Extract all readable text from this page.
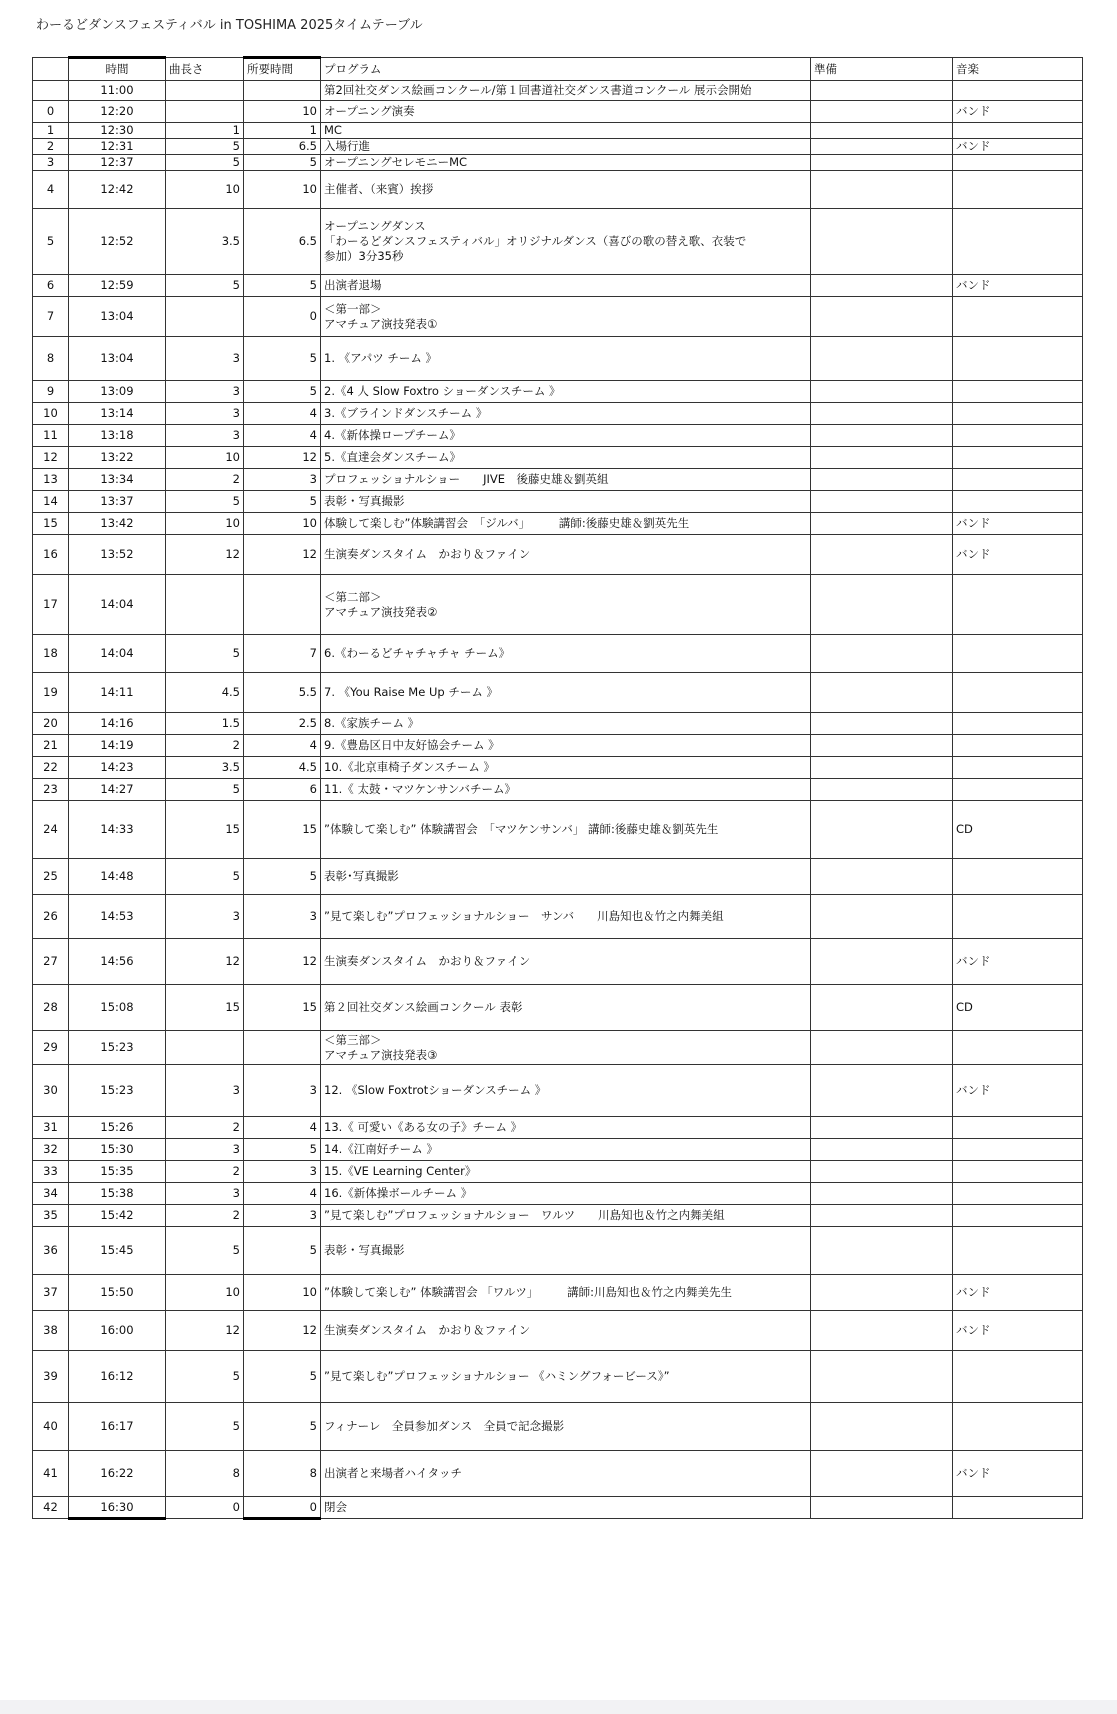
わーるどダンスフェスティバル in TOSHIMA 2025タイムテーブル
	時間	曲長さ	所要時間	プログラム	準備	音楽
	11:00			第2回社交ダンス絵画コンクール/第１回書道社交ダンス書道コンクール 展示会開始		

0	12:20		10	オープニング演奏		バンド
1	12:30	1	1	MC		

2	12:31	5	6.5	入場行進		バンド
3	12:37	5	5	オープニングセレモニーMC		

4	12:42	10	10	主催者、（来賓）挨拶		

5	12:52	3.5	6.5	オープニングダンス
「わーるどダンスフェスティバル」オリジナルダンス（喜びの歌の替え歌、衣装で
参加）3分35秒		

6	12:59	5	5	出演者退場		バンド
7	13:04		0	＜第一部＞
アマチュア演技発表①		

8	13:04	3	5	1. 《アパツ チーム 》		

9	13:09	3	5	2.《4 人 Slow Foxtro ショーダンスチーム 》		

10	13:14	3	4	3.《ブラインドダンスチーム 》		

11	13:18	3	4	4.《新体操ロープチーム》		

12	13:22	10	12	5.《直達会ダンスチーム》		

13	13:34	2	3	プロフェッショナルショー　　JIVE　後藤史雄＆劉英組		

14	13:37	5	5	表彰・写真撮影		

15	13:42	10	10	体験して楽しむ”体験講習会　「ジルバ」　　　講師:後藤史雄＆劉英先生		バンド
16	13:52	12	12	生演奏ダンスタイム　かおり＆ファイン		バンド
17	14:04			＜第二部＞
アマチュア演技発表②		

18	14:04	5	7	6.《わーるどチャチャチャ チーム》		

19	14:11	4.5	5.5	7. 《You Raise Me Up チーム 》		

20	14:16	1.5	2.5	8.《家族チーム 》		

21	14:19	2	4	9.《豊島区日中友好協会チーム 》		

22	14:23	3.5	4.5	10.《北京車椅子ダンスチーム 》		

23	14:27	5	6	11.《 太鼓・マツケンサンバチーム》		

24	14:33	15	15	”体験して楽しむ” 体験講習会　「マツケンサンバ」 講師:後藤史雄＆劉英先生		CD
25	14:48	5	5	表彰･写真撮影		

26	14:53	3	3	”見て楽しむ”プロフェッショナルショー　サンバ　　川島知也＆竹之内舞美組		

27	14:56	12	12	生演奏ダンスタイム　かおり＆ファイン		バンド
28	15:08	15	15	第２回社交ダンス絵画コンクール 表彰		CD
29	15:23			＜第三部＞
アマチュア演技発表③		

30	15:23	3	3	12. 《Slow Foxtrotショーダンスチーム 》		バンド
31	15:26	2	4	13.《 可愛い《ある女の子》チーム 》		

32	15:30	3	5	14.《江南好チーム 》		

33	15:35	2	3	15.《VE Learning Center》		

34	15:38	3	4	16.《新体操ボールチーム 》		

35	15:42	2	3	”見て楽しむ”プロフェッショナルショー　ワルツ　　川島知也＆竹之内舞美組		

36	15:45	5	5	表彰・写真撮影		

37	15:50	10	10	”体験して楽しむ” 体験講習会 「ワルツ」　　　講師:川島知也＆竹之内舞美先生		バンド
38	16:00	12	12	生演奏ダンスタイム　かおり＆ファイン		バンド
39	16:12	5	5	”見て楽しむ”プロフェッショナルショー 《ハミングフォービース》”		

40	16:17	5	5	フィナーレ　全員参加ダンス　全員で記念撮影		

41	16:22	8	8	出演者と来場者ハイタッチ		バンド
42	16:30	0	0	閉会		
